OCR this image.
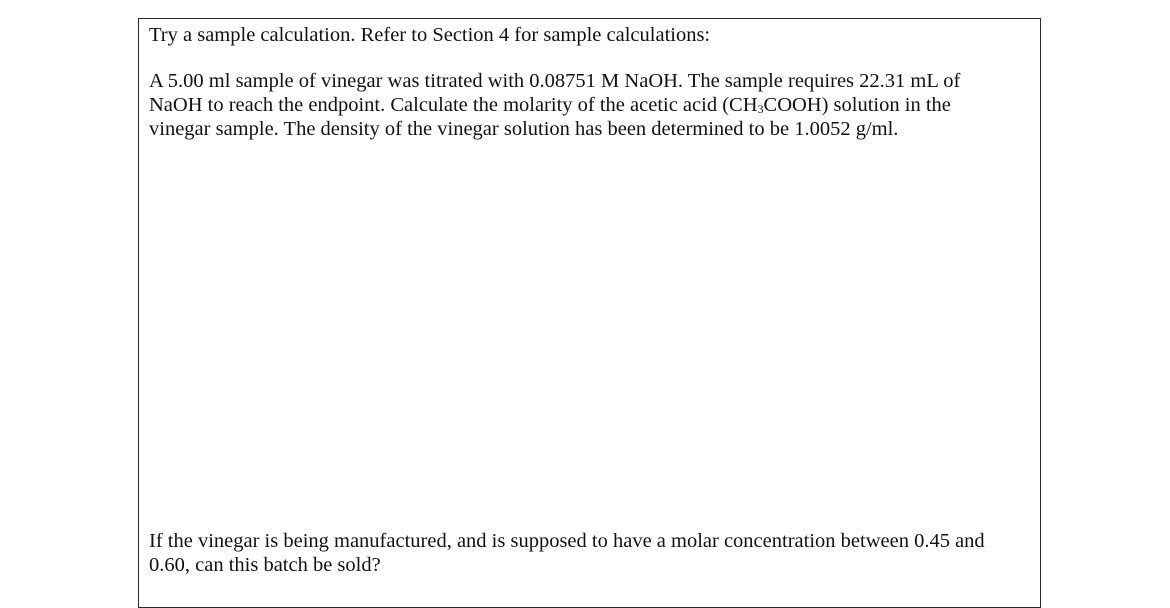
Try a sample calculation. Refer to Section 4 for sample calculations:

A 5.00 ml sample of vinegar was titrated with 0.08751 M NaOH. The sample requires 22.31 mL of
NaOH to reach the endpoint. Calculate the molarity of the acetic acid $(CH_3COOH)$ solution in the
vinegar sample. The density of the vinegar solution has been determined to be 1.0052 g/ml.

If the vinegar is being manufactured, and is supposed to have a molar concentration between 0.45 and
0.60, can this batch be sold?
